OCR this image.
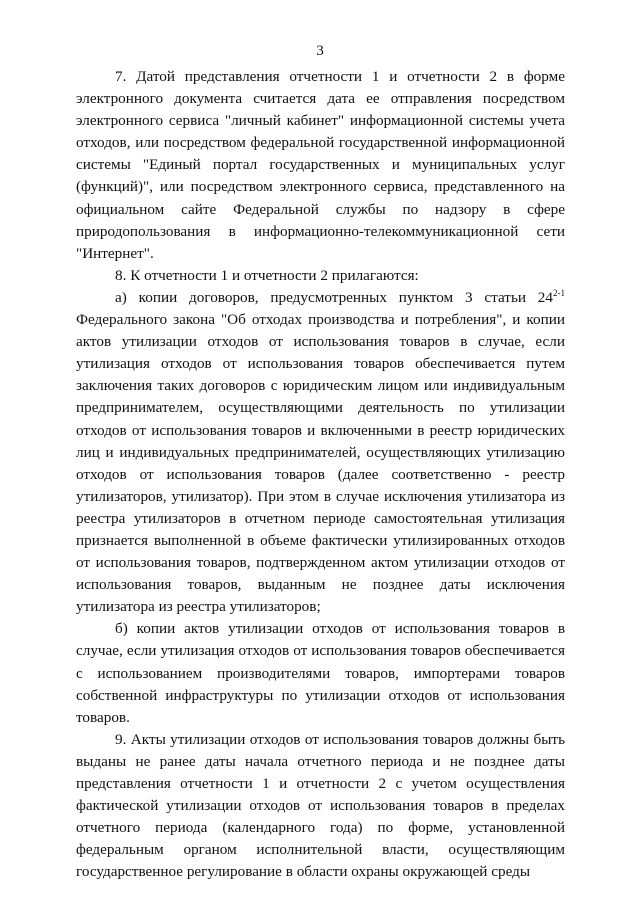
3

7. Датой представления отчетности 1 и отчетности 2 в форме электронного документа считается дата ее отправления посредством электронного сервиса "личный кабинет" информационной системы учета отходов, или посредством федеральной государственной информационной системы "Единый портал государственных и муниципальных услуг (функций)", или посредством электронного сервиса, представленного на официальном сайте Федеральной службы по надзору в сфере природопользования в информационно-телекоммуникационной сети "Интернет".

8. К отчетности 1 и отчетности 2 прилагаются:

а) копии договоров, предусмотренных пунктом 3 статьи 24$^{2-1}$ Федерального закона "Об отходах производства и потребления", и копии актов утилизации отходов от использования товаров в случае, если утилизация отходов от использования товаров обеспечивается путем заключения таких договоров с юридическим лицом или индивидуальным предпринимателем, осуществляющими деятельность по утилизации отходов от использования товаров и включенными в реестр юридических лиц и индивидуальных предпринимателей, осуществляющих утилизацию отходов от использования товаров (далее соответственно - реестр утилизаторов, утилизатор). При этом в случае исключения утилизатора из реестра утилизаторов в отчетном периоде самостоятельная утилизация признается выполненной в объеме фактически утилизированных отходов от использования товаров, подтвержденном актом утилизации отходов от использования товаров, выданным не позднее даты исключения утилизатора из реестра утилизаторов;

б) копии актов утилизации отходов от использования товаров в случае, если утилизация отходов от использования товаров обеспечивается с использованием производителями товаров, импортерами товаров собственной инфраструктуры по утилизации отходов от использования товаров.

9. Акты утилизации отходов от использования товаров должны быть выданы не ранее даты начала отчетного периода и не позднее даты представления отчетности 1 и отчетности 2 с учетом осуществления фактической утилизации отходов от использования товаров в пределах отчетного периода (календарного года) по форме, установленной федеральным органом исполнительной власти, осуществляющим государственное регулирование в области охраны окружающей среды
